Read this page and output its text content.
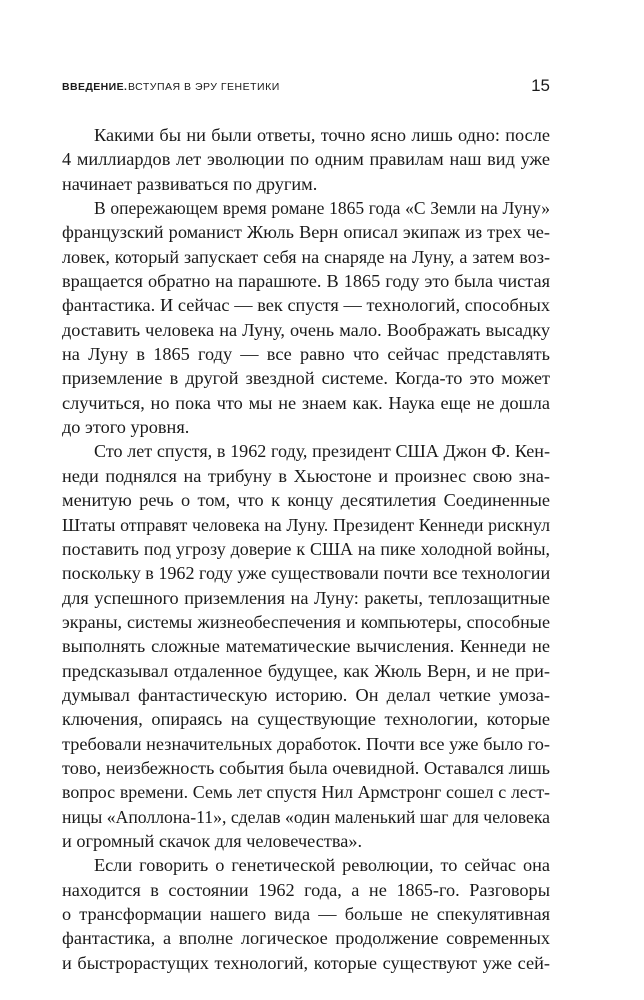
ВВЕДЕНИЕ. ВСТУПАЯ В ЭРУ ГЕНЕТИКИ	15
Какими бы ни были ответы, точно ясно лишь одно: после
4 миллиардов лет эволюции по одним правилам наш вид уже
начинает развиваться по другим.
В опережающем время романе 1865 года «С Земли на Луну»
французский романист Жюль Верн описал экипаж из трех че-
ловек, который запускает себя на снаряде на Луну, а затем воз-
вращается обратно на парашюте. В 1865 году это была чистая
фантастика. И сейчас — век спустя — технологий, способных
доставить человека на Луну, очень мало. Воображать высадку
на Луну в 1865 году — все равно что сейчас представлять
приземление в другой звездной системе. Когда-то это может
случиться, но пока что мы не знаем как. Наука еще не дошла
до этого уровня.
Сто лет спустя, в 1962 году, президент США Джон Ф. Кен-
неди поднялся на трибуну в Хьюстоне и произнес свою зна-
менитую речь о том, что к концу десятилетия Соединенные
Штаты отправят человека на Луну. Президент Кеннеди рискнул
поставить под угрозу доверие к США на пике холодной войны,
поскольку в 1962 году уже существовали почти все технологии
для успешного приземления на Луну: ракеты, теплозащитные
экраны, системы жизнеобеспечения и компьютеры, способные
выполнять сложные математические вычисления. Кеннеди не
предсказывал отдаленное будущее, как Жюль Верн, и не при-
думывал фантастическую историю. Он делал четкие умоза-
ключения, опираясь на существующие технологии, которые
требовали незначительных доработок. Почти все уже было го-
тово, неизбежность события была очевидной. Оставался лишь
вопрос времени. Семь лет спустя Нил Армстронг сошел с лест-
ницы «Аполлона-11», сделав «один маленький шаг для человека
и огромный скачок для человечества».
Если говорить о генетической революции, то сейчас она
находится в состоянии 1962 года, а не 1865-го. Разговоры
о трансформации нашего вида — больше не спекулятивная
фантастика, а вполне логическое продолжение современных
и быстрорастущих технологий, которые существуют уже сей-
